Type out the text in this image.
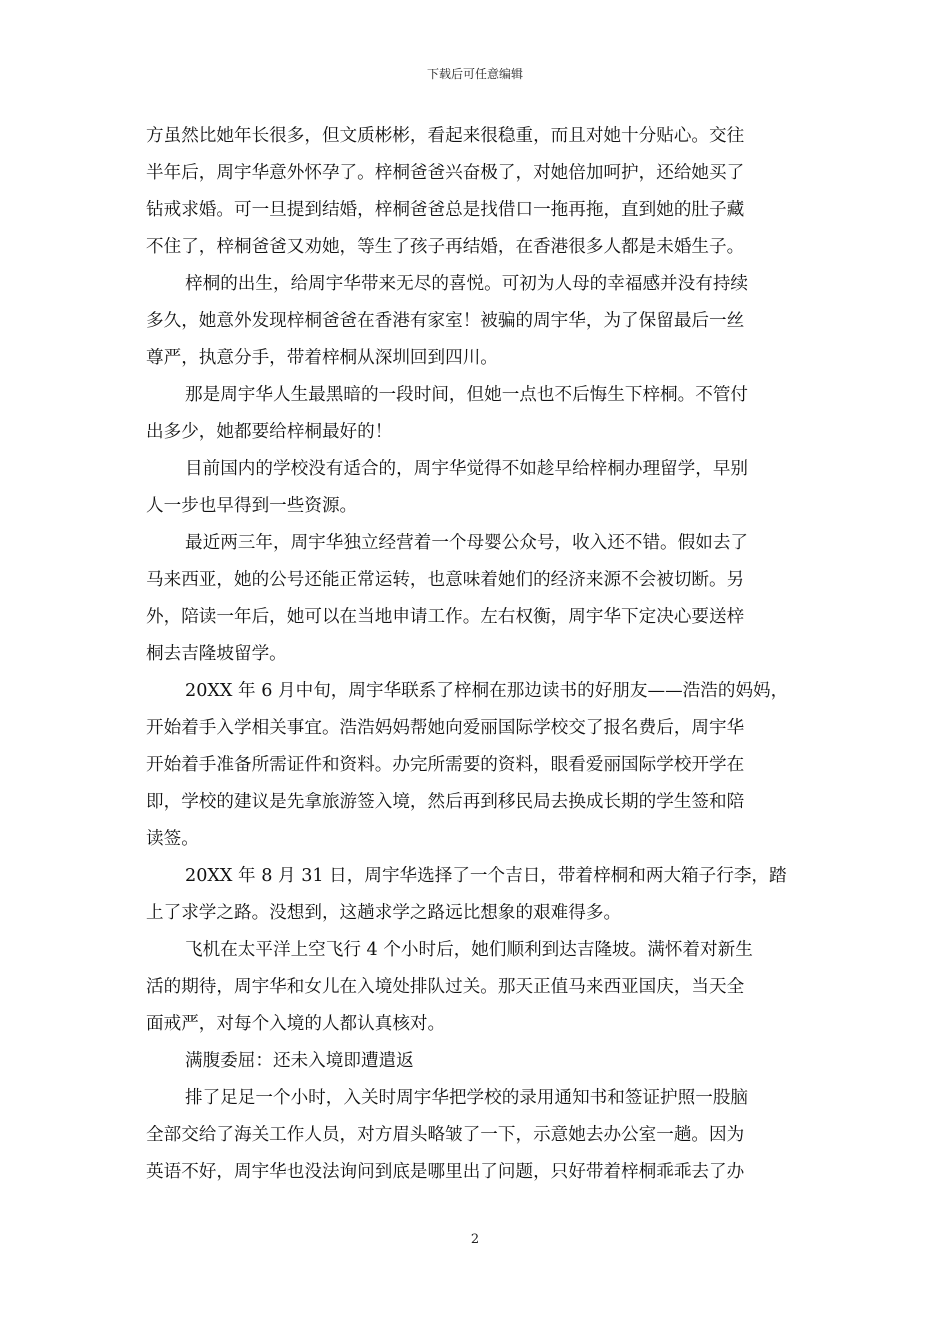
下载后可任意编辑
方虽然比她年长很多，但文质彬彬，看起来很稳重，而且对她十分贴心。交往
半年后，周宇华意外怀孕了。梓桐爸爸兴奋极了，对她倍加呵护，还给她买了
钻戒求婚。可一旦提到结婚，梓桐爸爸总是找借口一拖再拖，直到她的肚子藏
不住了，梓桐爸爸又劝她，等生了孩子再结婚，在香港很多人都是未婚生子。
梓桐的出生，给周宇华带来无尽的喜悦。可初为人母的幸福感并没有持续
多久，她意外发现梓桐爸爸在香港有家室！被骗的周宇华，为了保留最后一丝
尊严，执意分手，带着梓桐从深圳回到四川。
那是周宇华人生最黑暗的一段时间，但她一点也不后悔生下梓桐。不管付
出多少，她都要给梓桐最好的！
目前国内的学校没有适合的，周宇华觉得不如趁早给梓桐办理留学，早别
人一步也早得到一些资源。
最近两三年，周宇华独立经营着一个母婴公众号，收入还不错。假如去了
马来西亚，她的公号还能正常运转，也意味着她们的经济来源不会被切断。另
外，陪读一年后，她可以在当地申请工作。左右权衡，周宇华下定决心要送梓
桐去吉隆坡留学。
20XX 年 6 月中旬，周宇华联系了梓桐在那边读书的好朋友——浩浩的妈妈，
开始着手入学相关事宜。浩浩妈妈帮她向爱丽国际学校交了报名费后，周宇华
开始着手准备所需证件和资料。办完所需要的资料，眼看爱丽国际学校开学在
即，学校的建议是先拿旅游签入境，然后再到移民局去换成长期的学生签和陪
读签。
20XX 年 8 月 31 日，周宇华选择了一个吉日，带着梓桐和两大箱子行李，踏
上了求学之路。没想到，这趟求学之路远比想象的艰难得多。
飞机在太平洋上空飞行 4 个小时后，她们顺利到达吉隆坡。满怀着对新生
活的期待，周宇华和女儿在入境处排队过关。那天正值马来西亚国庆，当天全
面戒严，对每个入境的人都认真核对。
满腹委屈：还未入境即遭遣返
排了足足一个小时，入关时周宇华把学校的录用通知书和签证护照一股脑
全部交给了海关工作人员，对方眉头略皱了一下，示意她去办公室一趟。因为
英语不好，周宇华也没法询问到底是哪里出了问题，只好带着梓桐乖乖去了办
2
